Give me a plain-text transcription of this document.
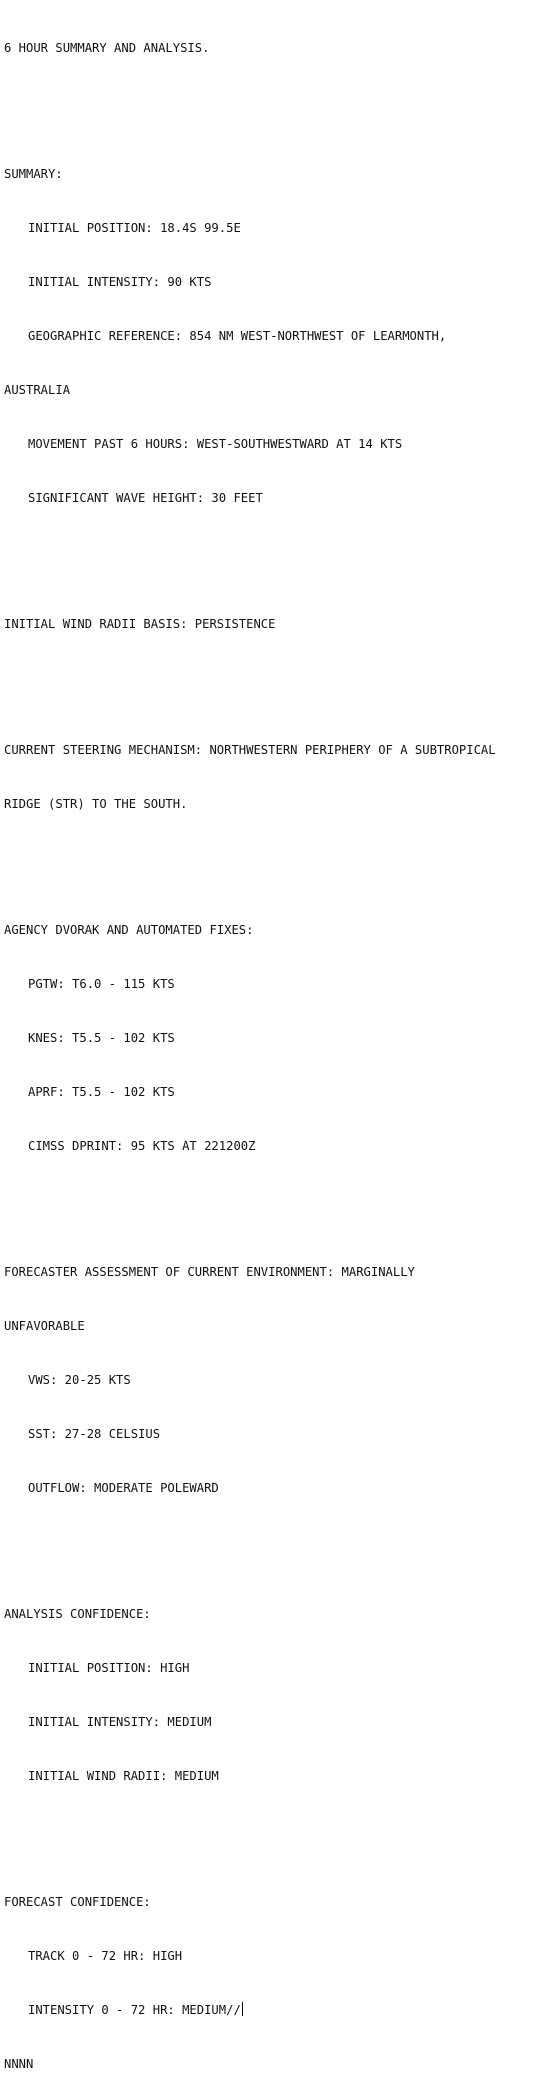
6 HOUR SUMMARY AND ANALYSIS.

SUMMARY:

INITIAL POSITION: 18.4S 99.5E

INITIAL INTENSITY: 90 KTS

GEOGRAPHIC REFERENCE: 854 NM WEST-NORTHWEST OF LEARMONTH,

AUSTRALIA

MOVEMENT PAST 6 HOURS: WEST-SOUTHWESTWARD AT 14 KTS

SIGNIFICANT WAVE HEIGHT: 30 FEET

INITIAL WIND RADII BASIS: PERSISTENCE

CURRENT STEERING MECHANISM: NORTHWESTERN PERIPHERY OF A SUBTROPICAL

RIDGE (STR) TO THE SOUTH.

AGENCY DVORAK AND AUTOMATED FIXES:

PGTW: T6.0 - 115 KTS

KNES: T5.5 - 102 KTS

APRF: T5.5 - 102 KTS

CIMSS DPRINT: 95 KTS AT 221200Z

FORECASTER ASSESSMENT OF CURRENT ENVIRONMENT: MARGINALLY

UNFAVORABLE

VWS: 20-25 KTS

SST: 27-28 CELSIUS

OUTFLOW: MODERATE POLEWARD

ANALYSIS CONFIDENCE:

INITIAL POSITION: HIGH

INITIAL INTENSITY: MEDIUM

INITIAL WIND RADII: MEDIUM

FORECAST CONFIDENCE:

TRACK 0 - 72 HR: HIGH

INTENSITY 0 - 72 HR: MEDIUM//

NNNN
